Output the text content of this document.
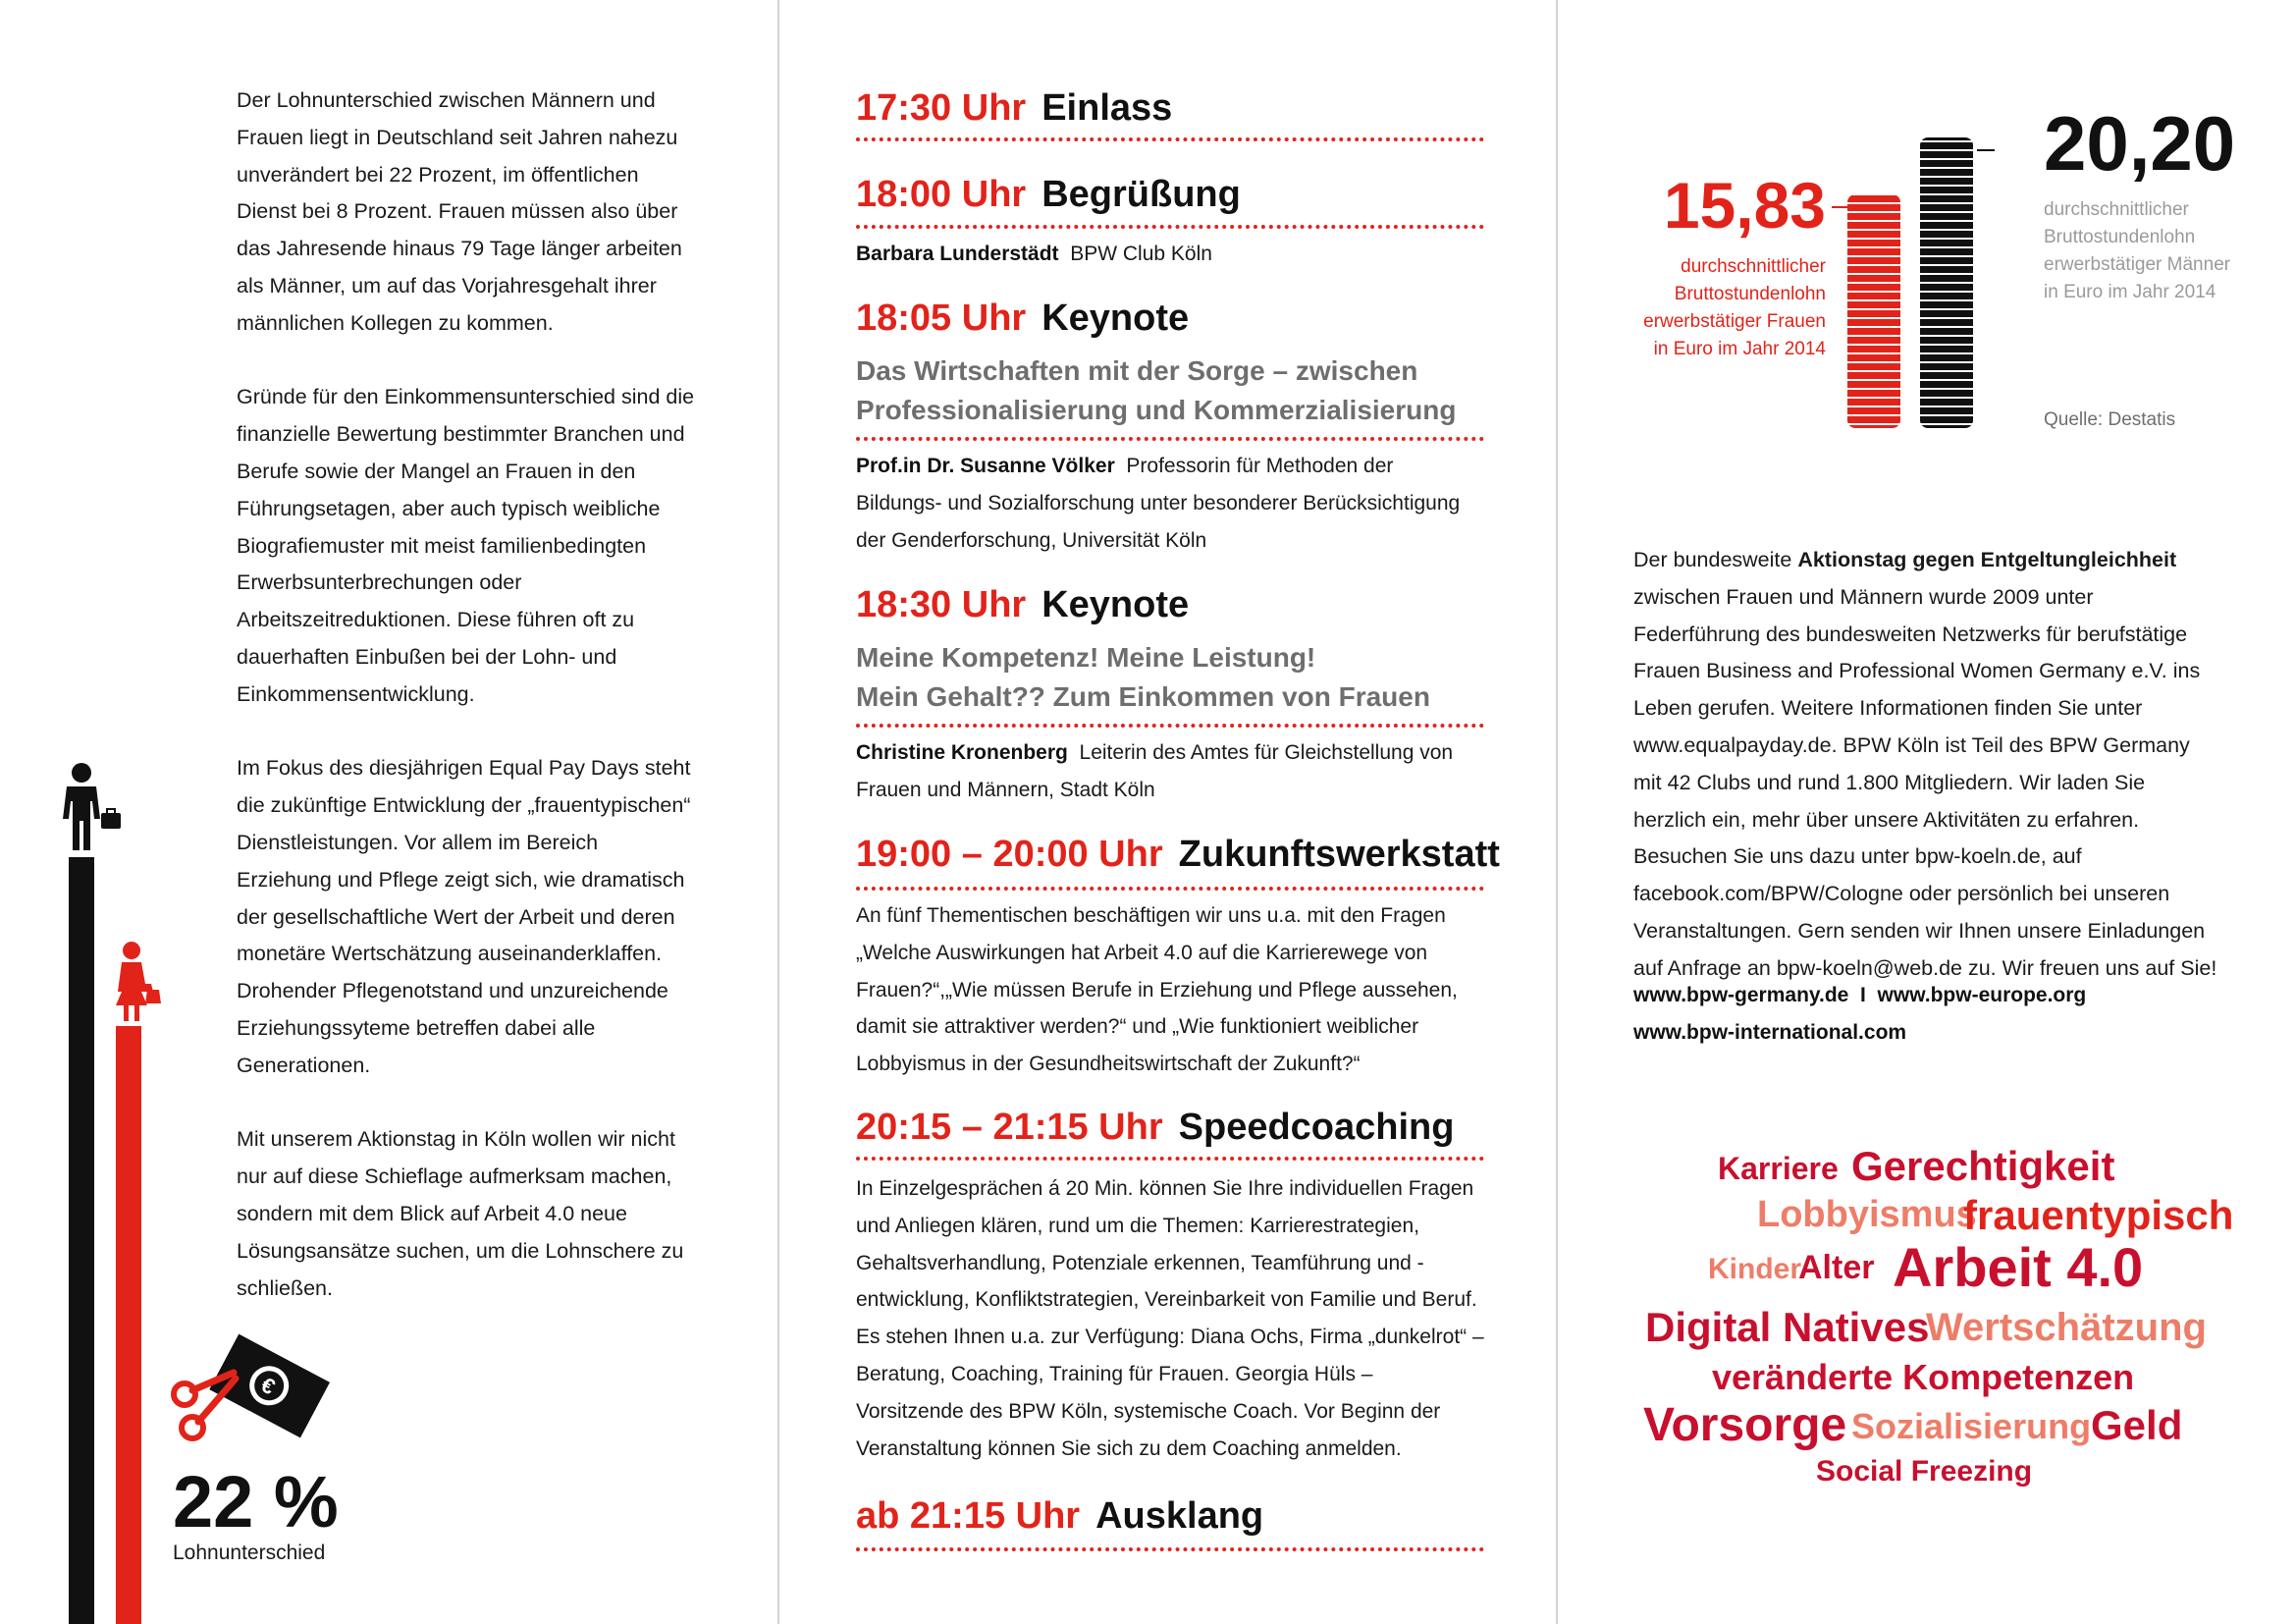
Der Lohnunterschied zwischen Männern und Frauen liegt in Deutschland seit Jahren nahezu unverändert bei 22 Prozent, im öffentlichen Dienst bei 8 Prozent. Frauen müssen also über das Jahresende hinaus 79 Tage länger arbeiten als Männer, um auf das Vorjahresgehalt ihrer männlichen Kollegen zu kommen.

Gründe für den Einkommensunterschied sind die finanzielle Bewertung bestimmter Branchen und Berufe sowie der Mangel an Frauen in den Führungsetagen, aber auch typisch weibliche Biografiemuster mit meist familienbedingten Erwerbsunterbrechungen oder Arbeitszeitreduktionen. Diese führen oft zu dauerhaften Einbußen bei der Lohn- und Einkommensentwicklung.

Im Fokus des diesjährigen Equal Pay Days steht die zukünftige Entwicklung der „frauentypischen“ Dienstleistungen. Vor allem im Bereich Erziehung und Pflege zeigt sich, wie dramatisch der gesellschaftliche Wert der Arbeit und deren monetäre Wertschätzung auseinanderklaffen. Drohender Pflegenotstand und unzureichende Erziehungssyteme betreffen dabei alle Generationen.

Mit unserem Aktionstag in Köln wollen wir nicht nur auf diese Schieflage aufmerksam machen, sondern mit dem Blick auf Arbeit 4.0 neue Lösungsansätze suchen, um die Lohnschere zu schließen.

€
22 %
Lohnunterschied
17:30 Uhr Einlass
18:00 Uhr Begrüßung
Barbara Lunderstädt BPW Club Köln
18:05 Uhr Keynote
Das Wirtschaften mit der Sorge – zwischen
Professionalisierung und Kommerzialisierung
Prof.in Dr. Susanne Völker Professorin für Methoden der Bildungs- und Sozialforschung unter besonderer Berücksichtigung der Genderforschung, Universität Köln
18:30 Uhr Keynote
Meine Kompetenz! Meine Leistung!
Mein Gehalt?? Zum Einkommen von Frauen
Christine Kronenberg Leiterin des Amtes für Gleichstellung von Frauen und Männern, Stadt Köln
19:00 – 20:00 Uhr Zukunftswerkstatt
An fünf Thementischen beschäftigen wir uns u.a. mit den Fragen „Welche Auswirkungen hat Arbeit 4.0 auf die Karrierewege von Frauen?“,„Wie müssen Berufe in Erziehung und Pflege aussehen, damit sie attraktiver werden?“ und „Wie funktioniert weiblicher Lobbyismus in der Gesundheitswirtschaft der Zukunft?“
20:15 – 21:15 Uhr Speedcoaching
In Einzelgesprächen á 20 Min. können Sie Ihre individuellen Fragen und Anliegen klären, rund um die Themen: Karrierestrategien, Gehaltsverhandlung, Potenziale erkennen, Teamführung und -entwicklung, Konfliktstrategien, Vereinbarkeit von Familie und Beruf. Es stehen Ihnen u.a. zur Verfügung: Diana Ochs, Firma „dunkelrot“ – Beratung, Coaching, Training für Frauen. Georgia Hüls – Vorsitzende des BPW Köln, systemische Coach. Vor Beginn der Veranstaltung können Sie sich zu dem Coaching anmelden.
ab 21:15 Uhr Ausklang
15,83
durchschnittlicher
Bruttostundenlohn
erwerbstätiger Frauen
in Euro im Jahr 2014
20,20
durchschnittlicher
Bruttostundenlohn
erwerbstätiger Männer
in Euro im Jahr 2014
Quelle: Destatis
Der bundesweite Aktionstag gegen Entgeltungleichheit zwischen Frauen und Männern wurde 2009 unter Federführung des bundesweiten Netzwerks für berufstätige Frauen Business and Professional Women Germany e.V. ins Leben gerufen. Weitere Informationen finden Sie unter www.equalpayday.de. BPW Köln ist Teil des BPW Germany mit 42 Clubs und rund 1.800 Mitgliedern. Wir laden Sie herzlich ein, mehr über unsere Aktivitäten zu erfahren. Besuchen Sie uns dazu unter bpw-koeln.de, auf facebook.com/BPW/Cologne oder persönlich bei unseren Veranstaltungen. Gern senden wir Ihnen unsere Einladungen auf Anfrage an bpw-koeln@web.de zu. Wir freuen uns auf Sie!
www.bpw-germany.de  I  www.bpw-europe.org
www.bpw-international.com
Karriere Gerechtigkeit
Lobbyismus
frauentypisch
Kinder
Alter Arbeit 4.0
Digital Natives
Wertschätzung
veränderte Kompetenzen
Vorsorge Sozialisierung Geld
Social Freezing
